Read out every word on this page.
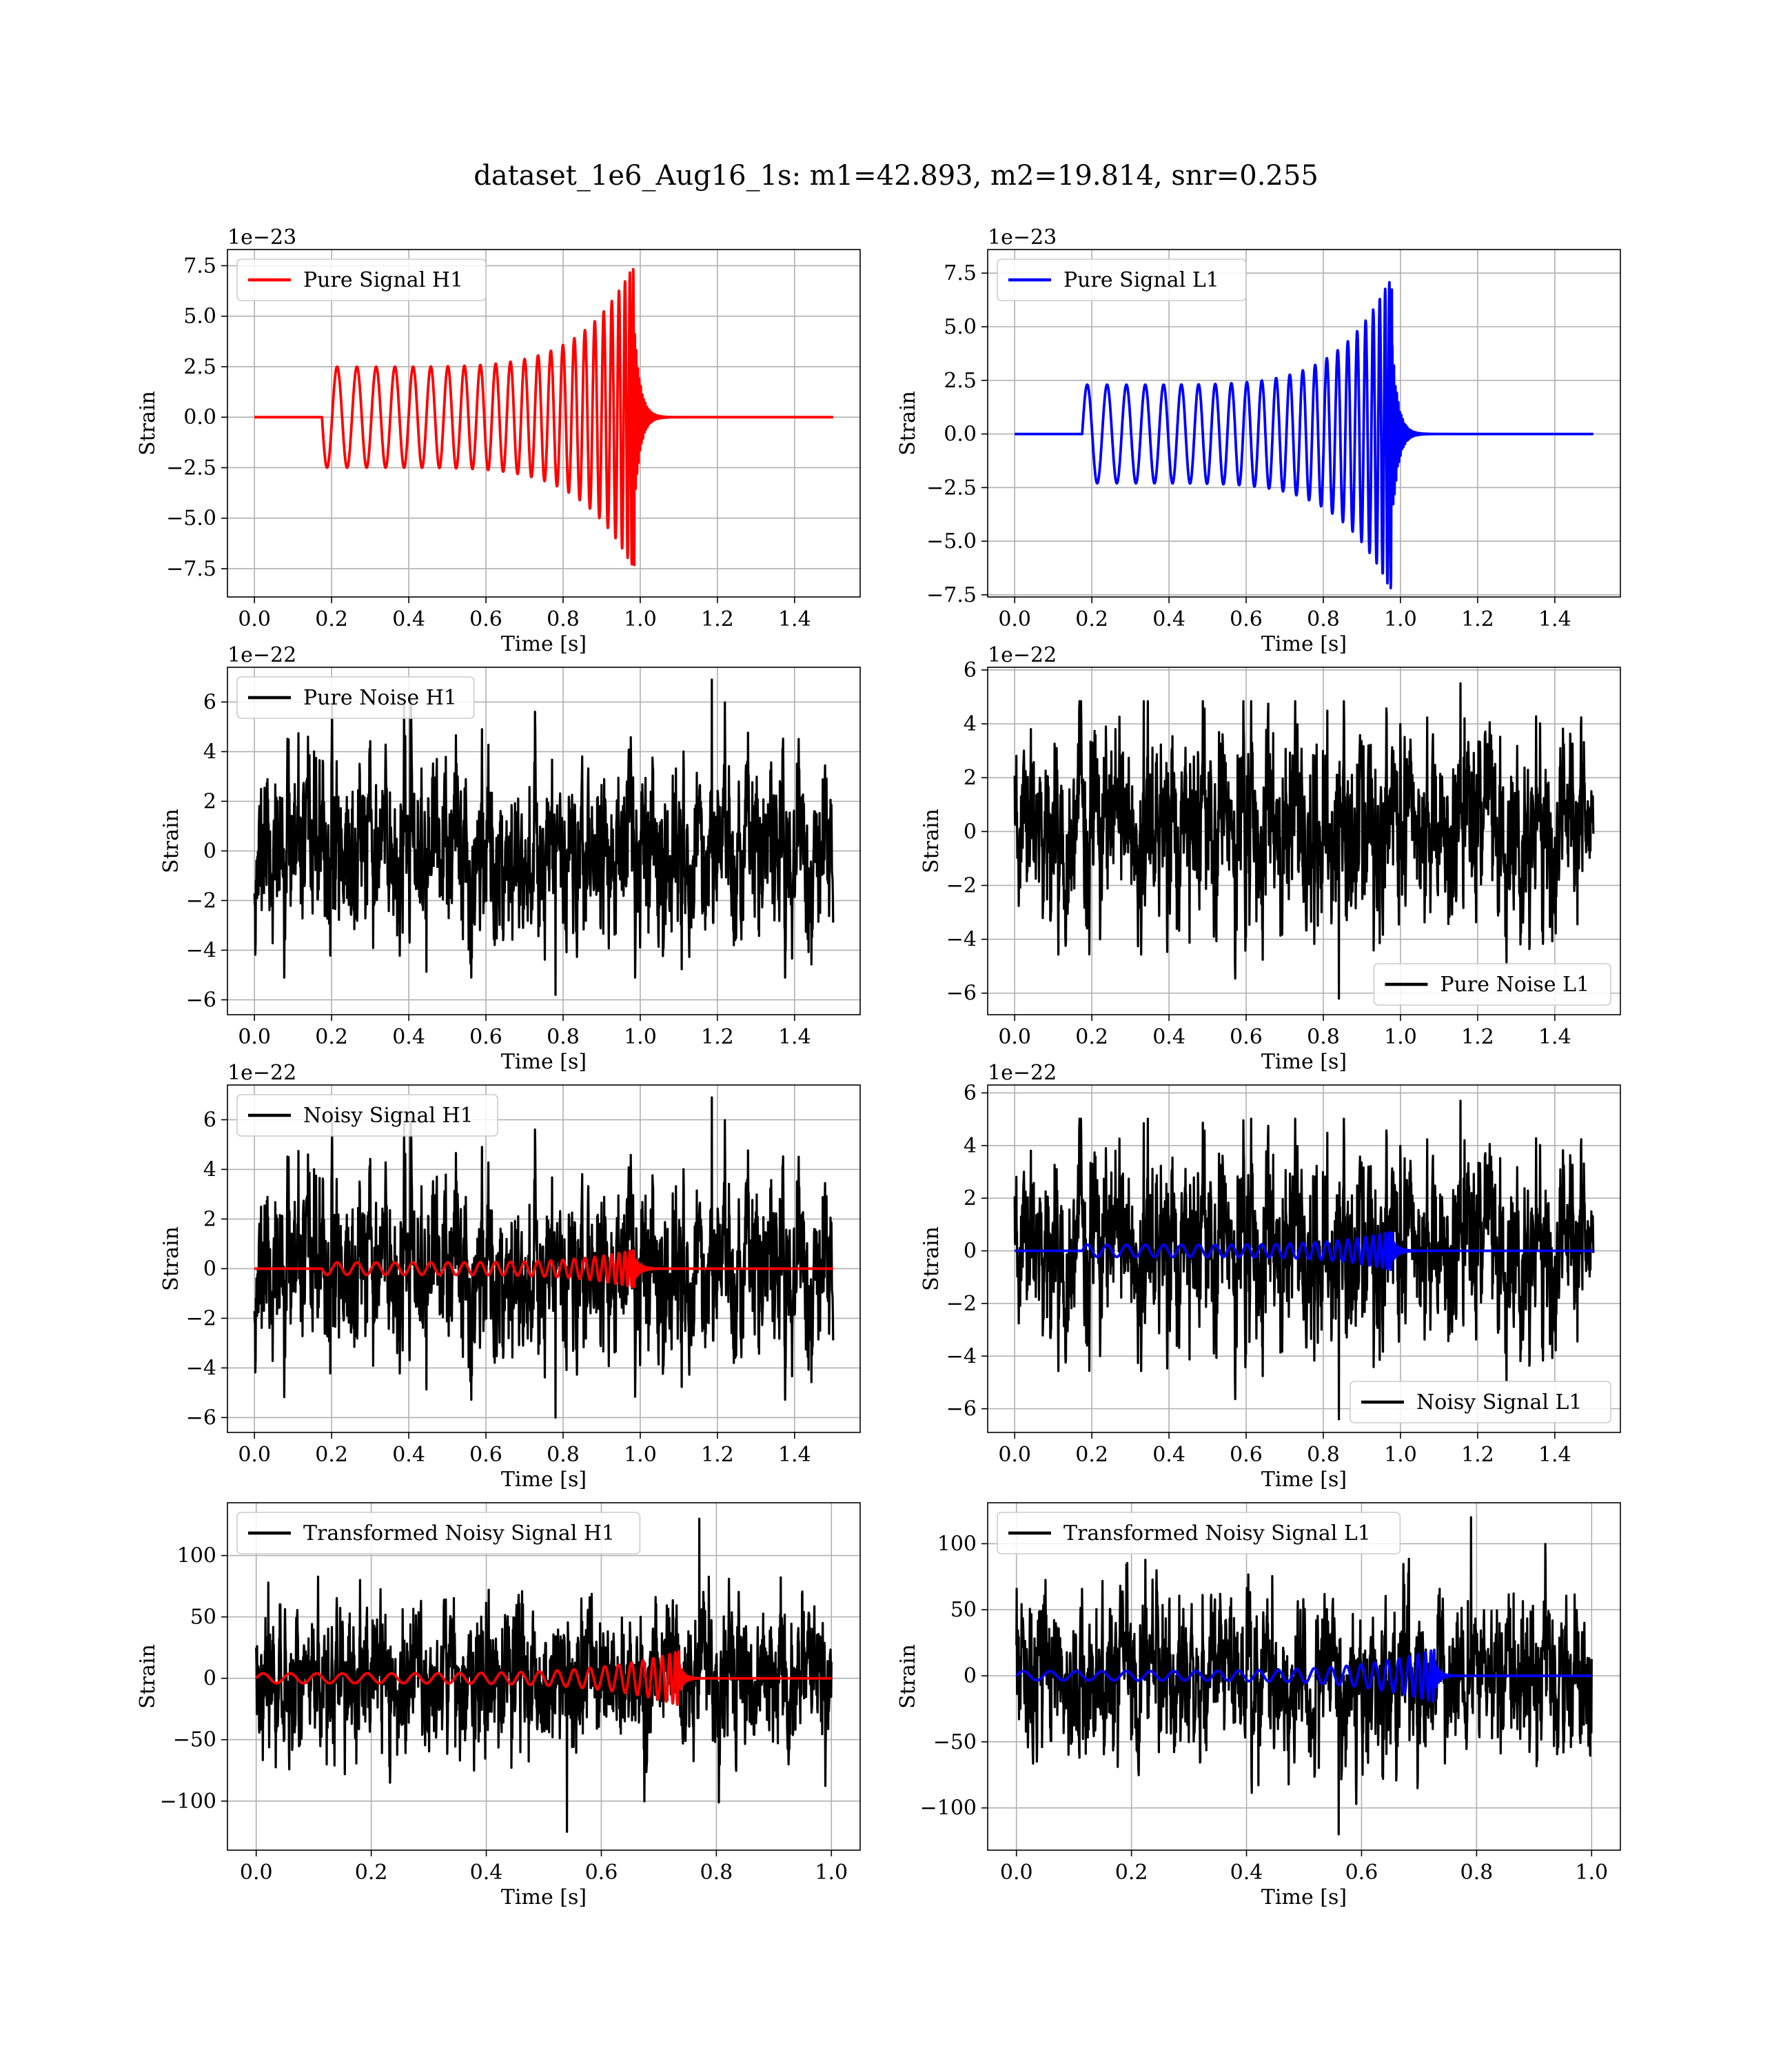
dataset_1e6_Aug16_1s: m1=42.893, m2=19.814, snr=0.255
0.0 0.2 0.4 0.6 0.8 1.0 1.2 1.4
−7.5
−5.0
−2.5
0.0
2.5
5.0
7.5
1e−23
Time [s]
Strain
Pure Signal H1
0.0 0.2 0.4 0.6 0.8 1.0 1.2 1.4
−7.5
−5.0
−2.5
0.0
2.5
5.0
7.5
1e−23
Time [s]
Strain
Pure Signal L1
0.0 0.2 0.4 0.6 0.8 1.0 1.2 1.4
−6
−4
−2
0
2
4
6
1e−22
Time [s]
Strain
Pure Noise H1
0.0 0.2 0.4 0.6 0.8 1.0 1.2 1.4
−6
−4
−2
0
2
4
6
1e−22
Time [s]
Strain
Pure Noise L1
0.0 0.2 0.4 0.6 0.8 1.0 1.2 1.4
−6
−4
−2
0
2
4
6
1e−22
Time [s]
Strain
Noisy Signal H1
0.0 0.2 0.4 0.6 0.8 1.0 1.2 1.4
−6
−4
−2
0
2
4
6
1e−22
Time [s]
Strain
Noisy Signal L1
0.0	0.2	0.4	0.6	0.8	1.0
−100
−50
0
50
100
Time [s]
Strain
Transformed Noisy Signal H1
0.0	0.2	0.4	0.6	0.8	1.0
−100
−50
0
50
100
Time [s]
Strain
Transformed Noisy Signal L1
